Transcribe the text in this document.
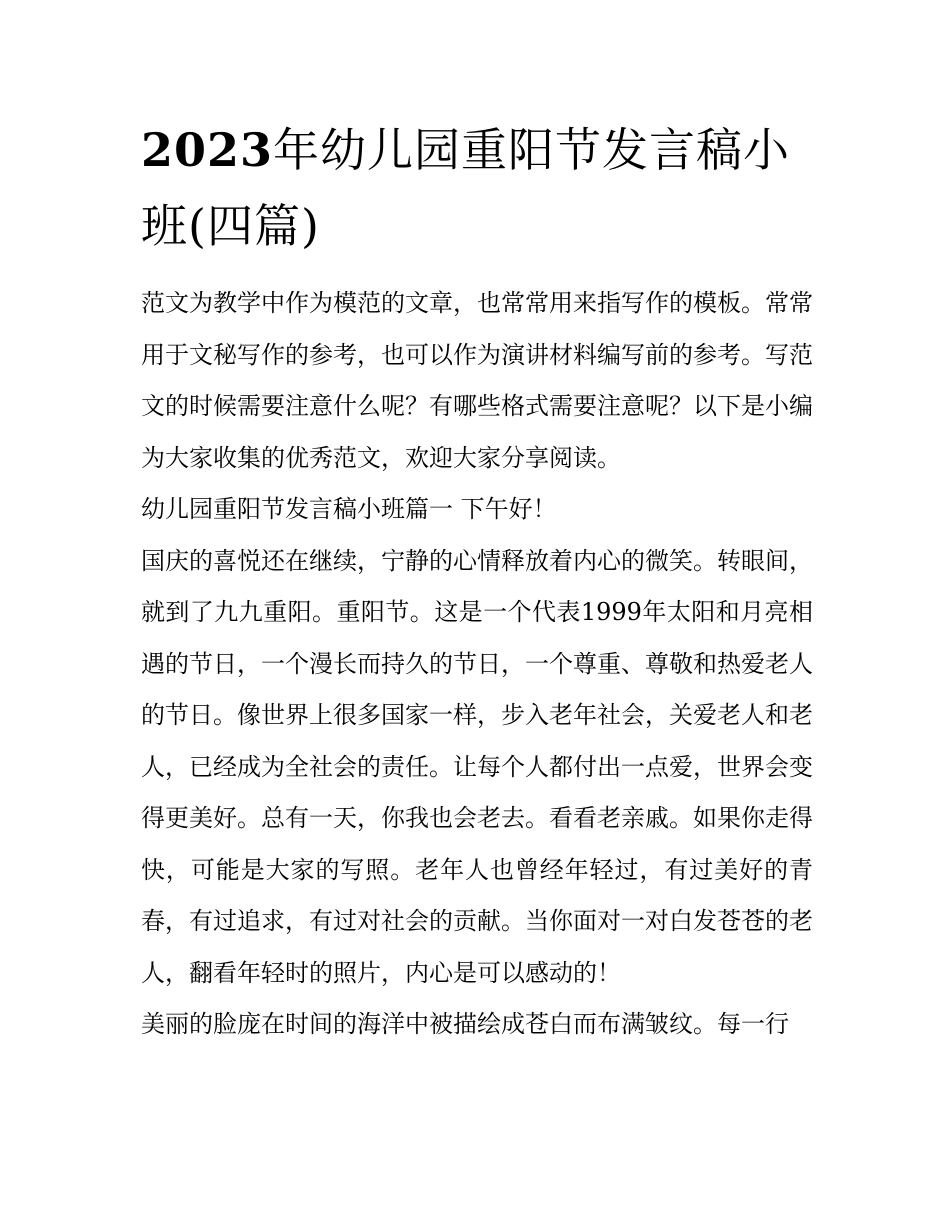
2023年幼儿园重阳节发言稿小班(四篇)

范文为教学中作为模范的文章，也常常用来指写作的模板。常常用于文秘写作的参考，也可以作为演讲材料编写前的参考。写范文的时候需要注意什么呢？有哪些格式需要注意呢？以下是小编为大家收集的优秀范文，欢迎大家分享阅读。

幼儿园重阳节发言稿小班篇一 下午好！

国庆的喜悦还在继续，宁静的心情释放着内心的微笑。转眼间，就到了九九重阳。重阳节。这是一个代表1999年太阳和月亮相遇的节日，一个漫长而持久的节日，一个尊重、尊敬和热爱老人的节日。像世界上很多国家一样，步入老年社会，关爱老人和老人，已经成为全社会的责任。让每个人都付出一点爱，世界会变得更美好。总有一天，你我也会老去。看看老亲戚。如果你走得快，可能是大家的写照。老年人也曾经年轻过，有过美好的青春，有过追求，有过对社会的贡献。当你面对一对白发苍苍的老人，翻看年轻时的照片，内心是可以感动的！

美丽的脸庞在时间的海洋中被描绘成苍白而布满皱纹。每一行
